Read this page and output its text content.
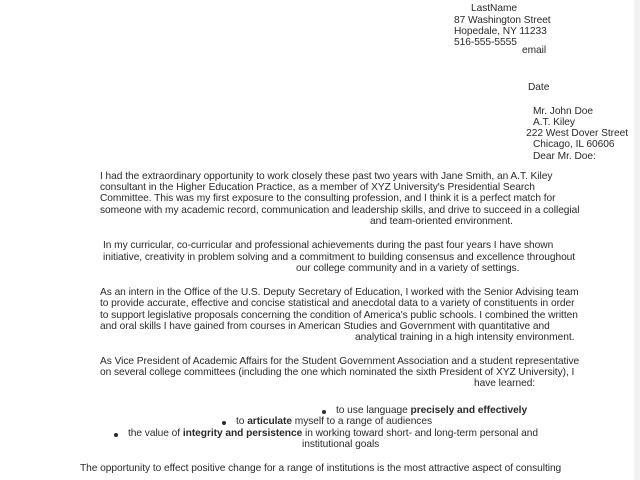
LastName
87 Washington Street
Hopedale, NY 11233
516-555-5555
email
Date
Mr. John Doe
A.T. Kiley
222 West Dover Street
Chicago, IL 60606
Dear Mr. Doe:
I had the extraordinary opportunity to work closely these past two years with Jane Smith, an A.T. Kiley
consultant in the Higher Education Practice, as a member of XYZ University's Presidential Search
Committee. This was my first exposure to the consulting profession, and I think it is a perfect match for
someone with my academic record, communication and leadership skills, and drive to succeed in a collegial
and team-oriented environment.
In my curricular, co-curricular and professional achievements during the past four years I have shown
initiative, creativity in problem solving and a commitment to building consensus and excellence throughout
our college community and in a variety of settings.
As an intern in the Office of the U.S. Deputy Secretary of Education, I worked with the Senior Advising team
to provide accurate, effective and concise statistical and anecdotal data to a variety of constituents in order
to support legislative proposals concerning the condition of America's public schools. I combined the written
and oral skills I have gained from courses in American Studies and Government with quantitative and
analytical training in a high intensity environment.
As Vice President of Academic Affairs for the Student Government Association and a student representative
on several college committees (including the one which nominated the sixth President of XYZ University), I
have learned:
to use language precisely and effectively
to articulate myself to a range of audiences
the value of integrity and persistence in working toward short- and long-term personal and
institutional goals
The opportunity to effect positive change for a range of institutions is the most attractive aspect of consulting
